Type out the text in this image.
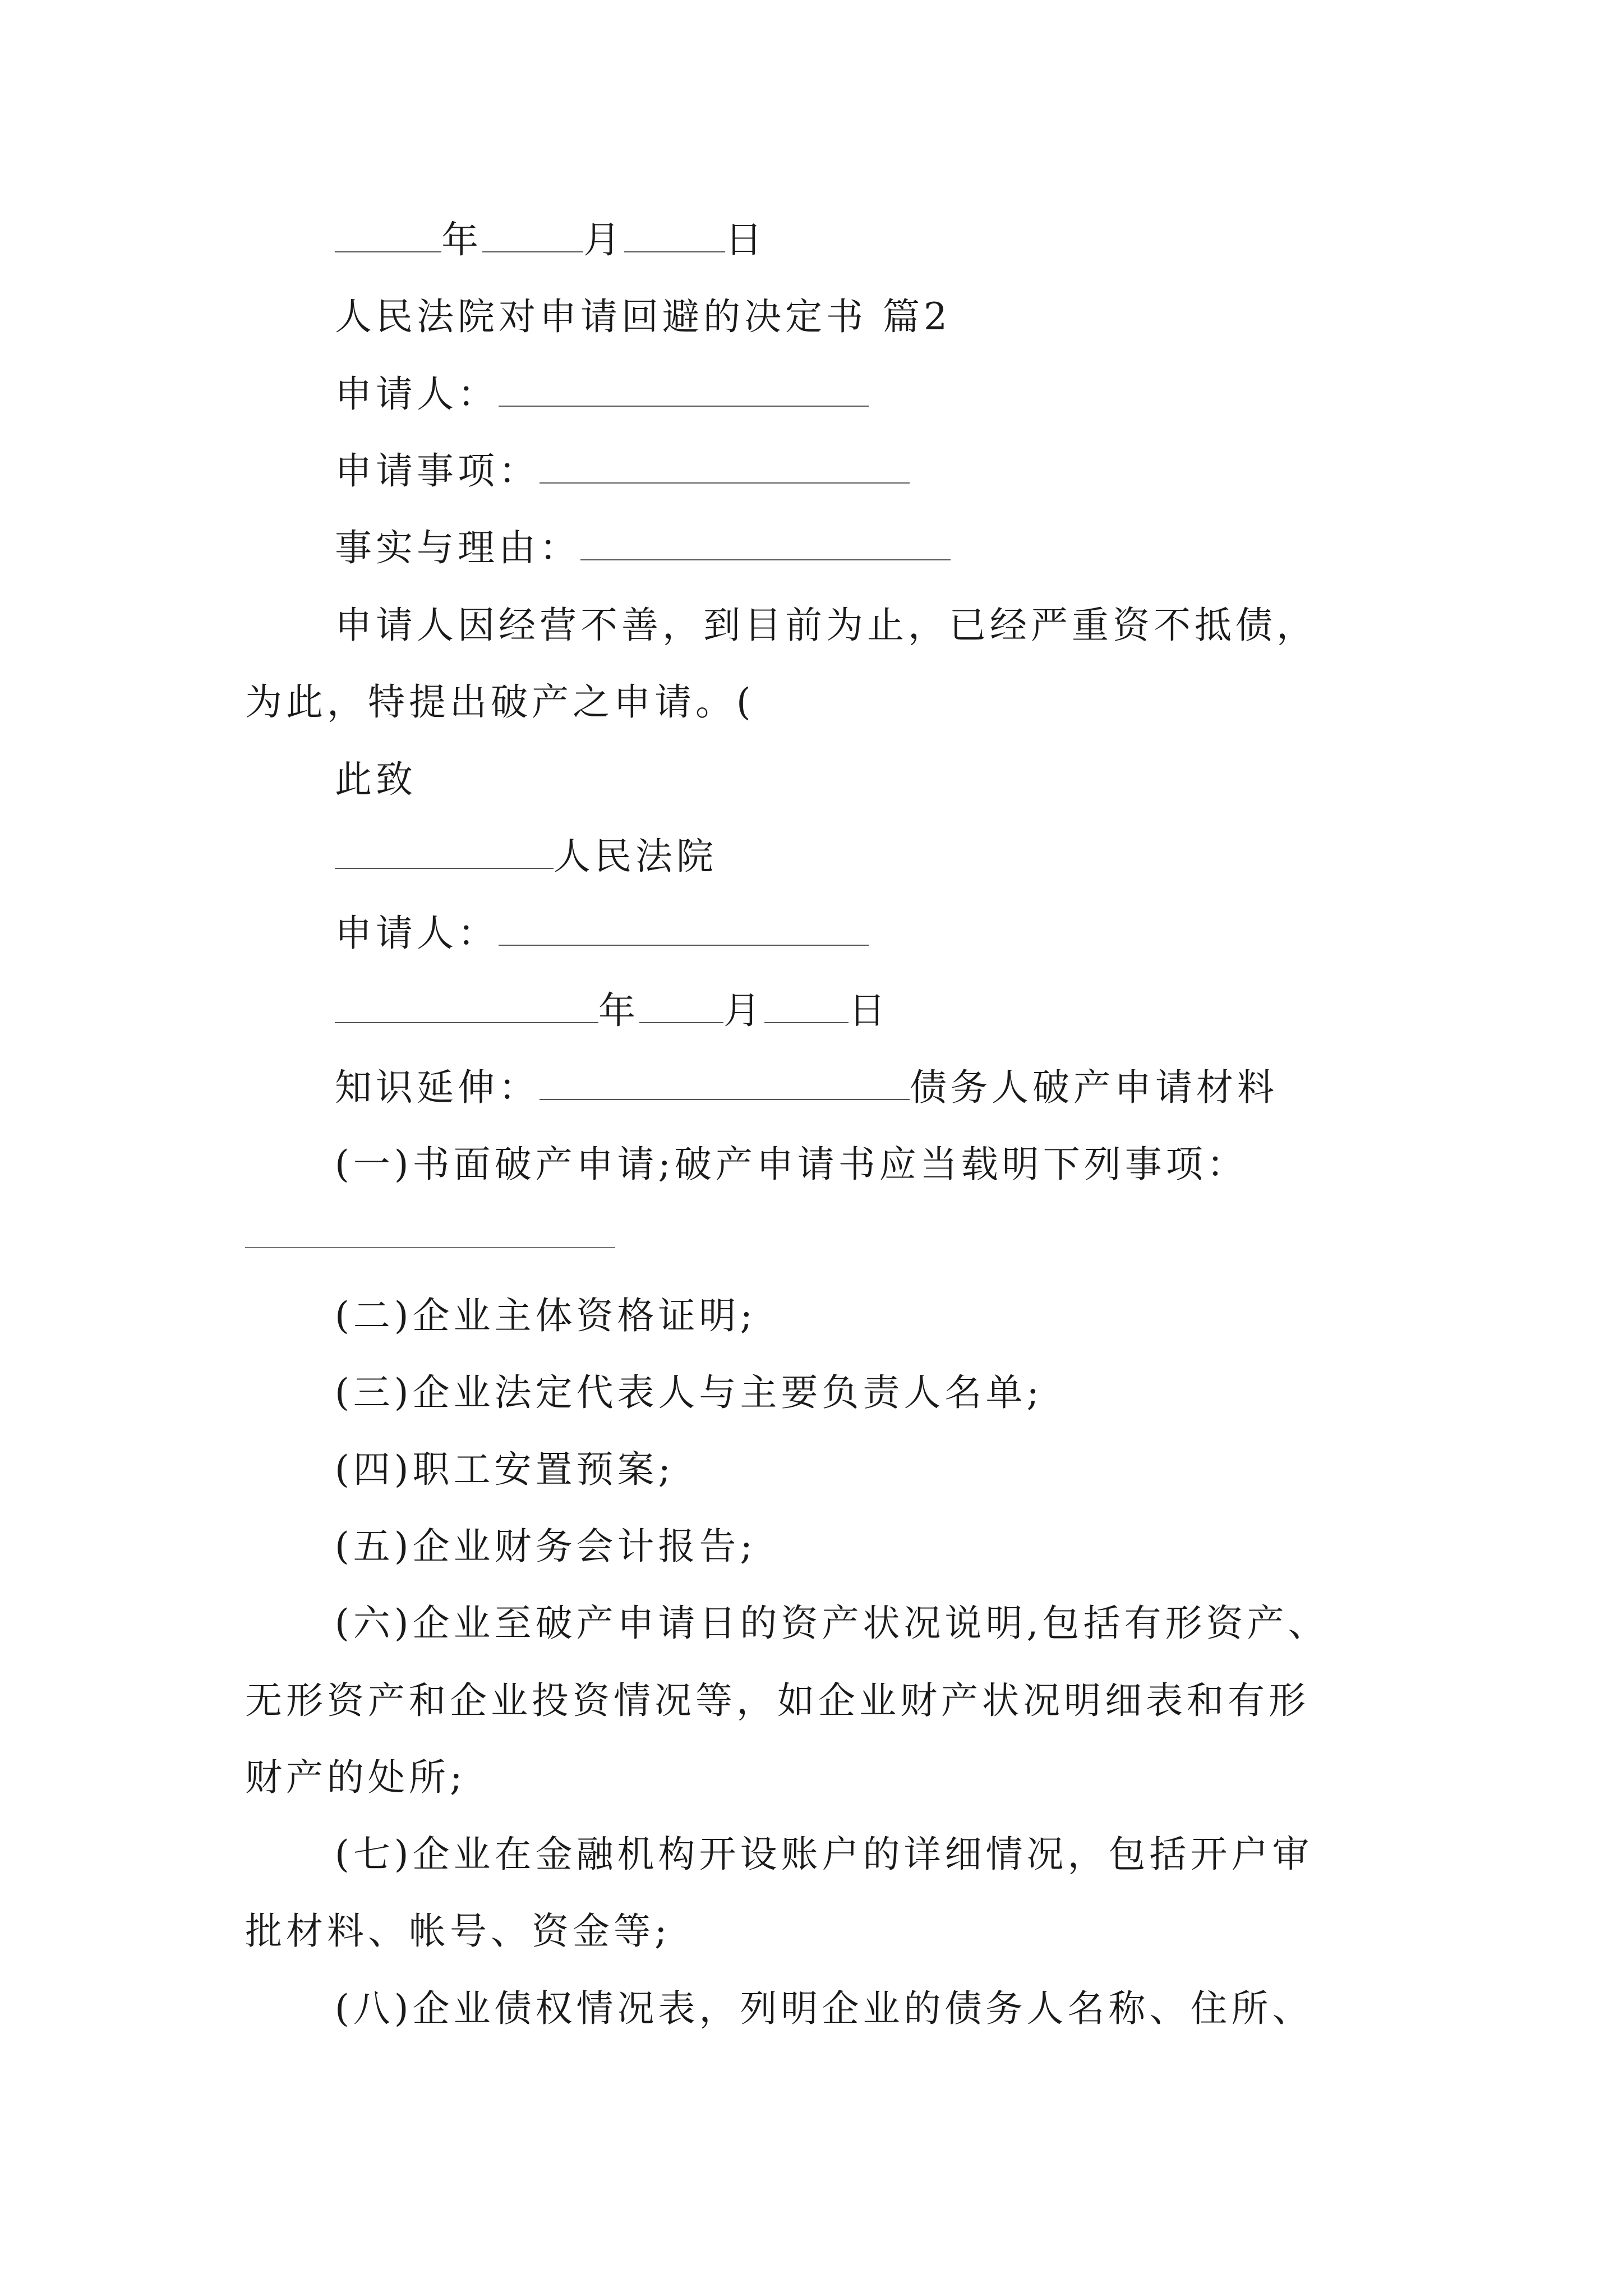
年	月	日
人民法院对申请回避的决定书 篇2
申请人：
申请事项：
事实与理由：
申请人因经营不善，到目前为止，已经严重资不抵债，
为此，特提出破产之申请。(
此致
人民法院
申请人：
年 月 日
知识延伸：	债务人破产申请材料
(一)书面破产申请;破产申请书应当载明下列事项：
(二)企业主体资格证明;
(三)企业法定代表人与主要负责人名单;
(四)职工安置预案;
(五)企业财务会计报告;
(六)企业至破产申请日的资产状况说明,包括有形资产、
无形资产和企业投资情况等，如企业财产状况明细表和有形
财产的处所;
(七)企业在金融机构开设账户的详细情况，包括开户审
批材料、帐号、资金等;
(八)企业债权情况表，列明企业的债务人名称、住所、
